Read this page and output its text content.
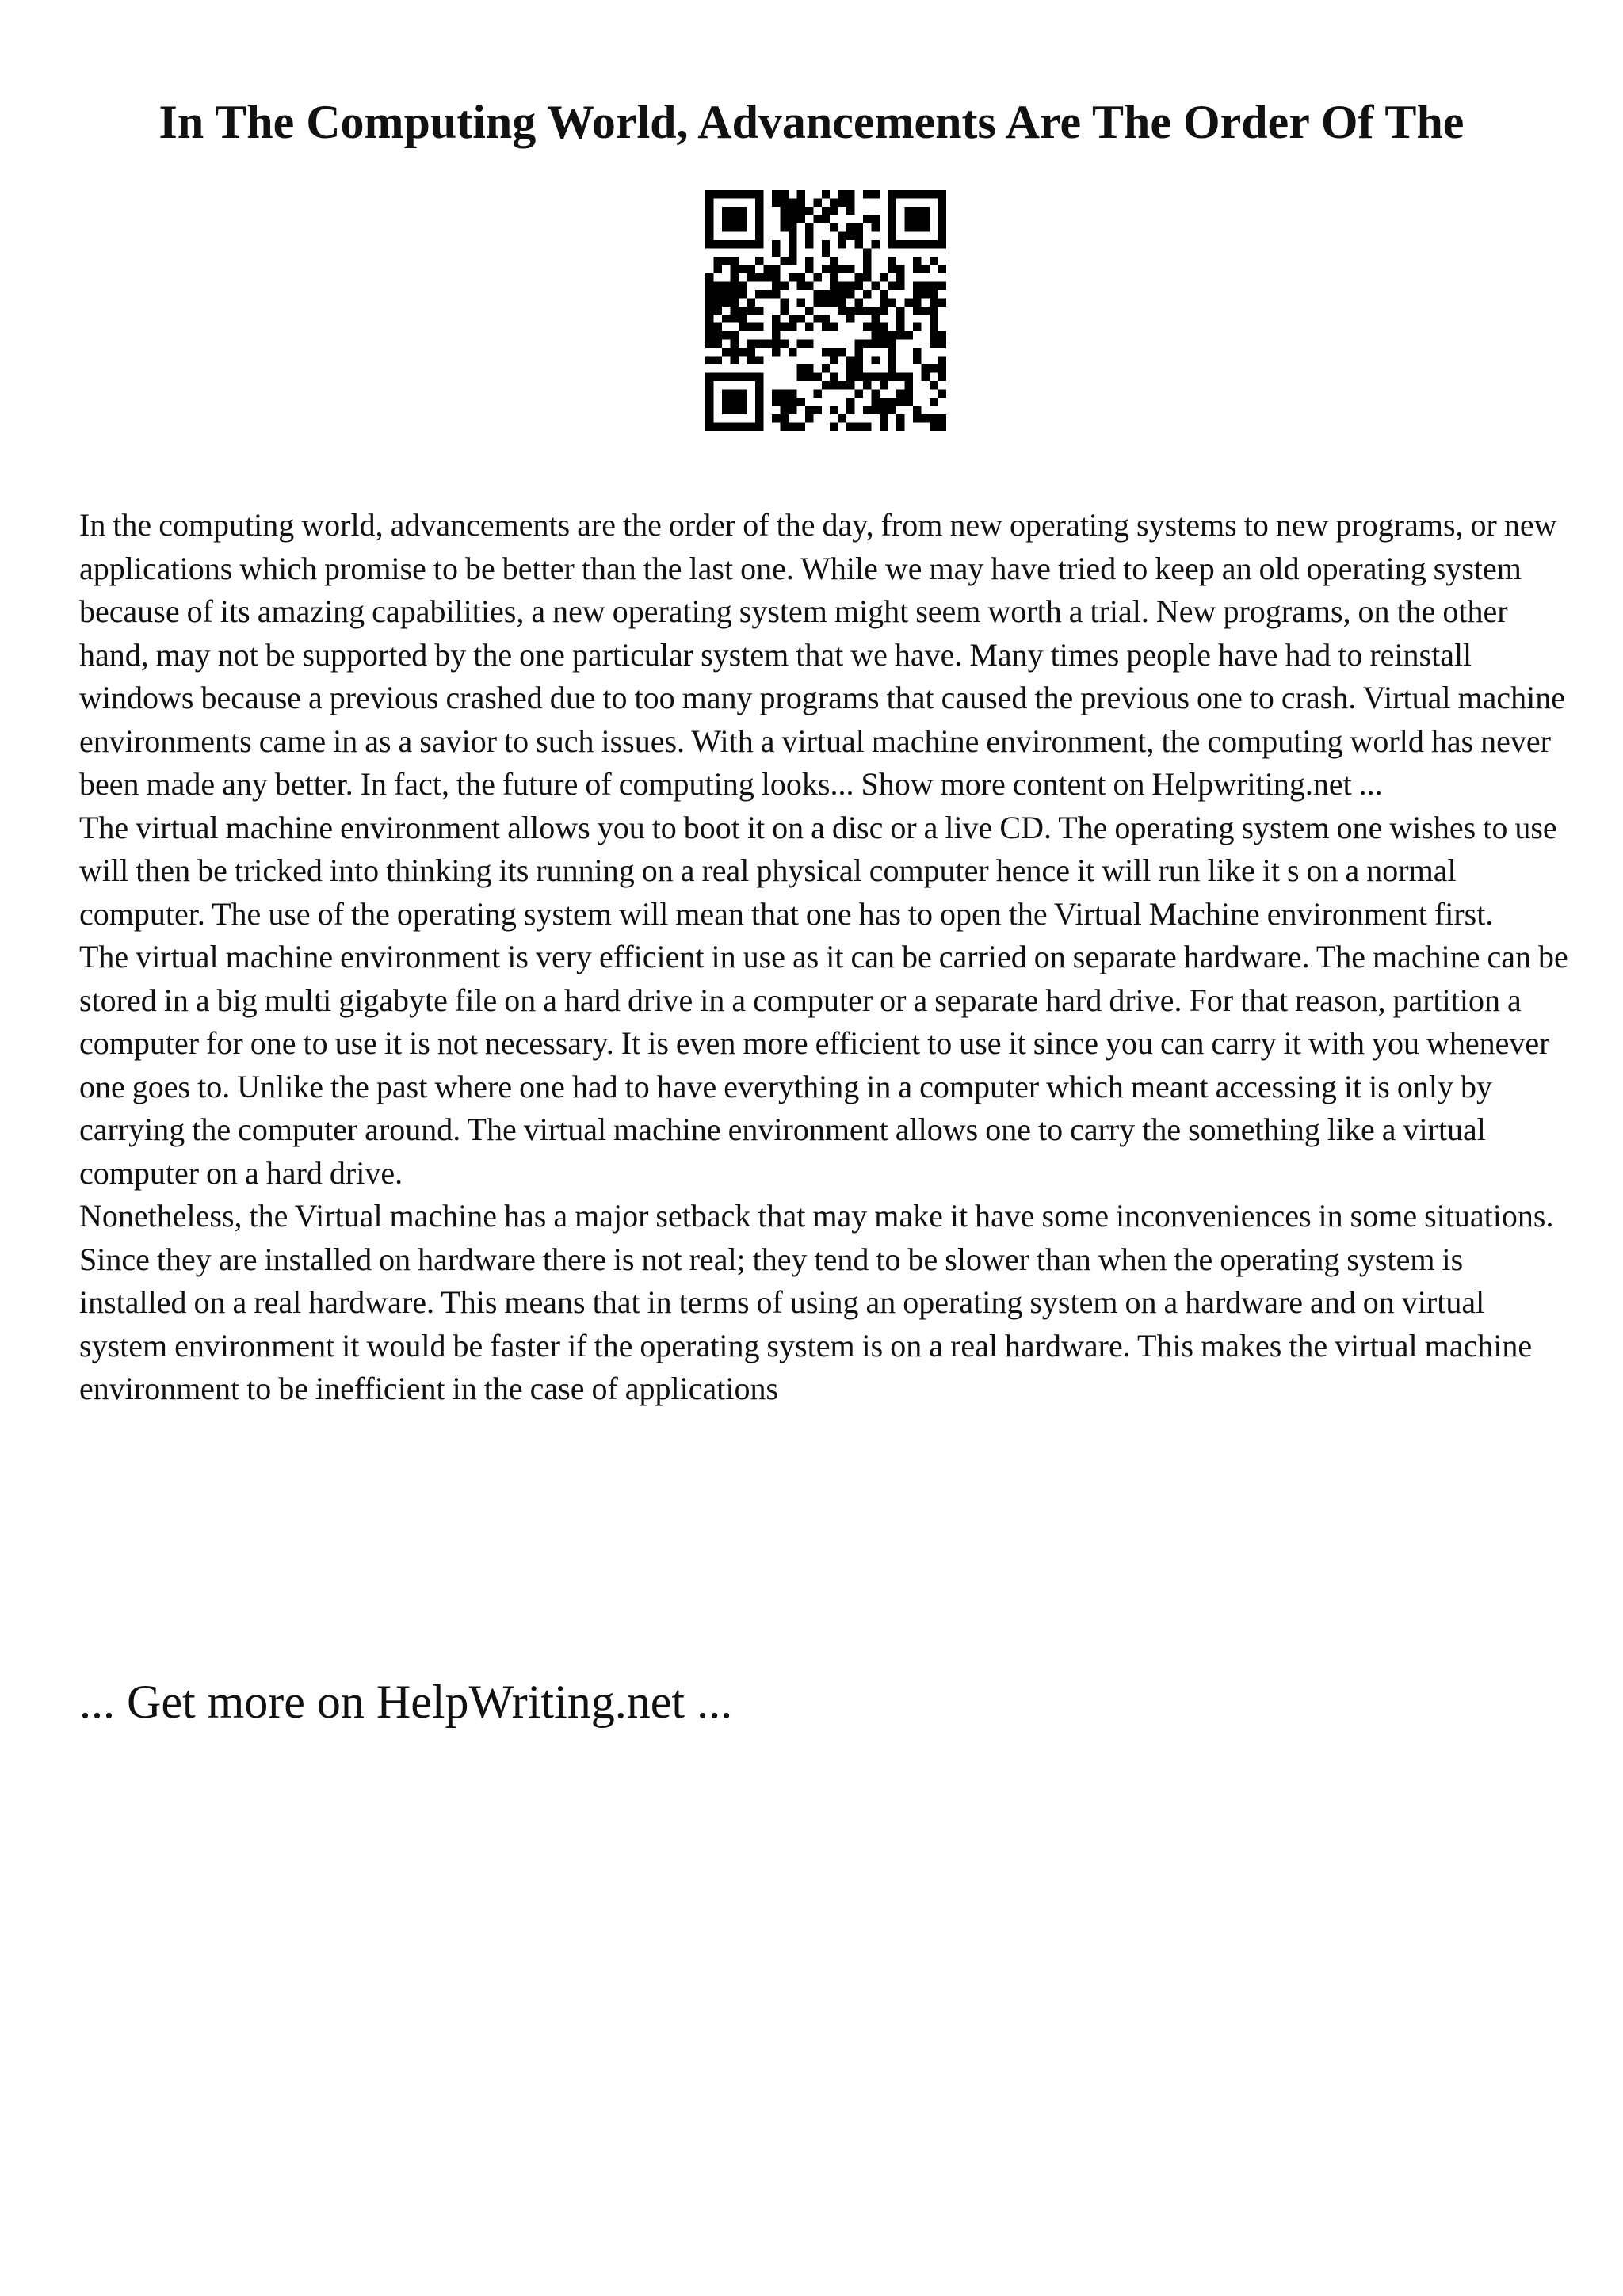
In The Computing World, Advancements Are The Order Of The

In the computing world, advancements are the order of the day, from new operating systems to new programs, or new applications which promise to be better than the last one. While we may have tried to keep an old operating system because of its amazing capabilities, a new operating system might seem worth a trial. New programs, on the other hand, may not be supported by the one particular system that we have. Many times people have had to reinstall windows because a previous crashed due to too many programs that caused the previous one to crash. Virtual machine environments came in as a savior to such issues. With a virtual machine environment, the computing world has never been made any better. In fact, the future of computing looks... Show more content on Helpwriting.net ...

The virtual machine environment allows you to boot it on a disc or a live CD. The operating system one wishes to use will then be tricked into thinking its running on a real physical computer hence it will run like it s on a normal computer. The use of the operating system will mean that one has to open the Virtual Machine environment first.

The virtual machine environment is very efficient in use as it can be carried on separate hardware. The machine can be stored in a big multi gigabyte file on a hard drive in a computer or a separate hard drive. For that reason, partition a computer for one to use it is not necessary. It is even more efficient to use it since you can carry it with you whenever one goes to. Unlike the past where one had to have everything in a computer which meant accessing it is only by carrying the computer around. The virtual machine environment allows one to carry the something like a virtual computer on a hard drive.

Nonetheless, the Virtual machine has a major setback that may make it have some inconveniences in some situations. Since they are installed on hardware there is not real; they tend to be slower than when the operating system is installed on a real hardware. This means that in terms of using an operating system on a hardware and on virtual system environment it would be faster if the operating system is on a real hardware. This makes the virtual machine environment to be inefficient in the case of applications

... Get more on HelpWriting.net ...
